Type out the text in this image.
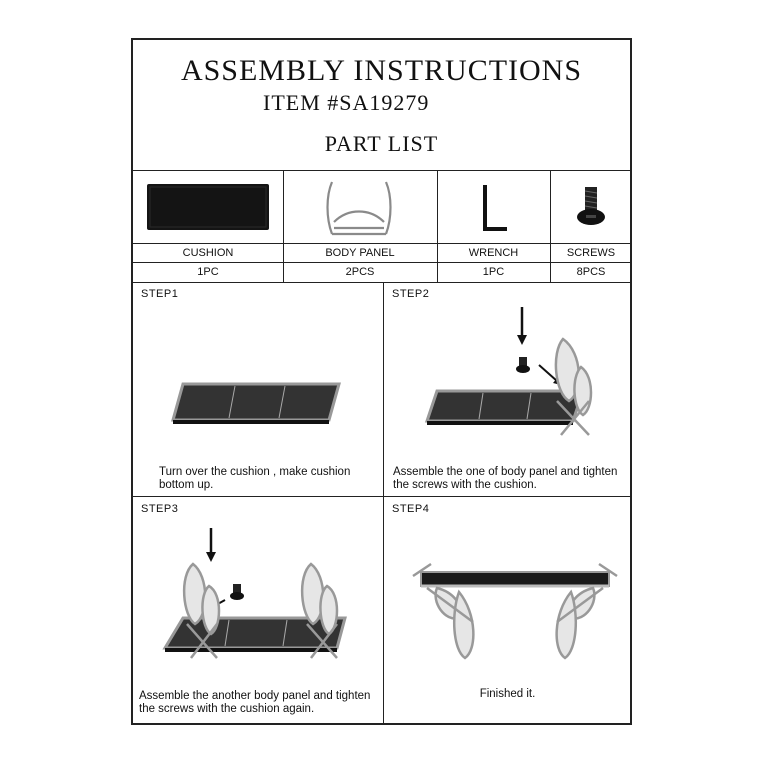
ASSEMBLY INSTRUCTIONS
ITEM #SA19279
PART LIST
CUSHION	BODY PANEL	WRENCH	SCREWS
1PC	2PCS	1PC	8PCS
STEP1
Turn over the cushion , make cushion bottom up.
STEP2
Assemble the one of body panel and tighten the screws with the cushion.
STEP3
Assemble the another body panel and tighten the screws with the cushion again.
STEP4
Finished it.
